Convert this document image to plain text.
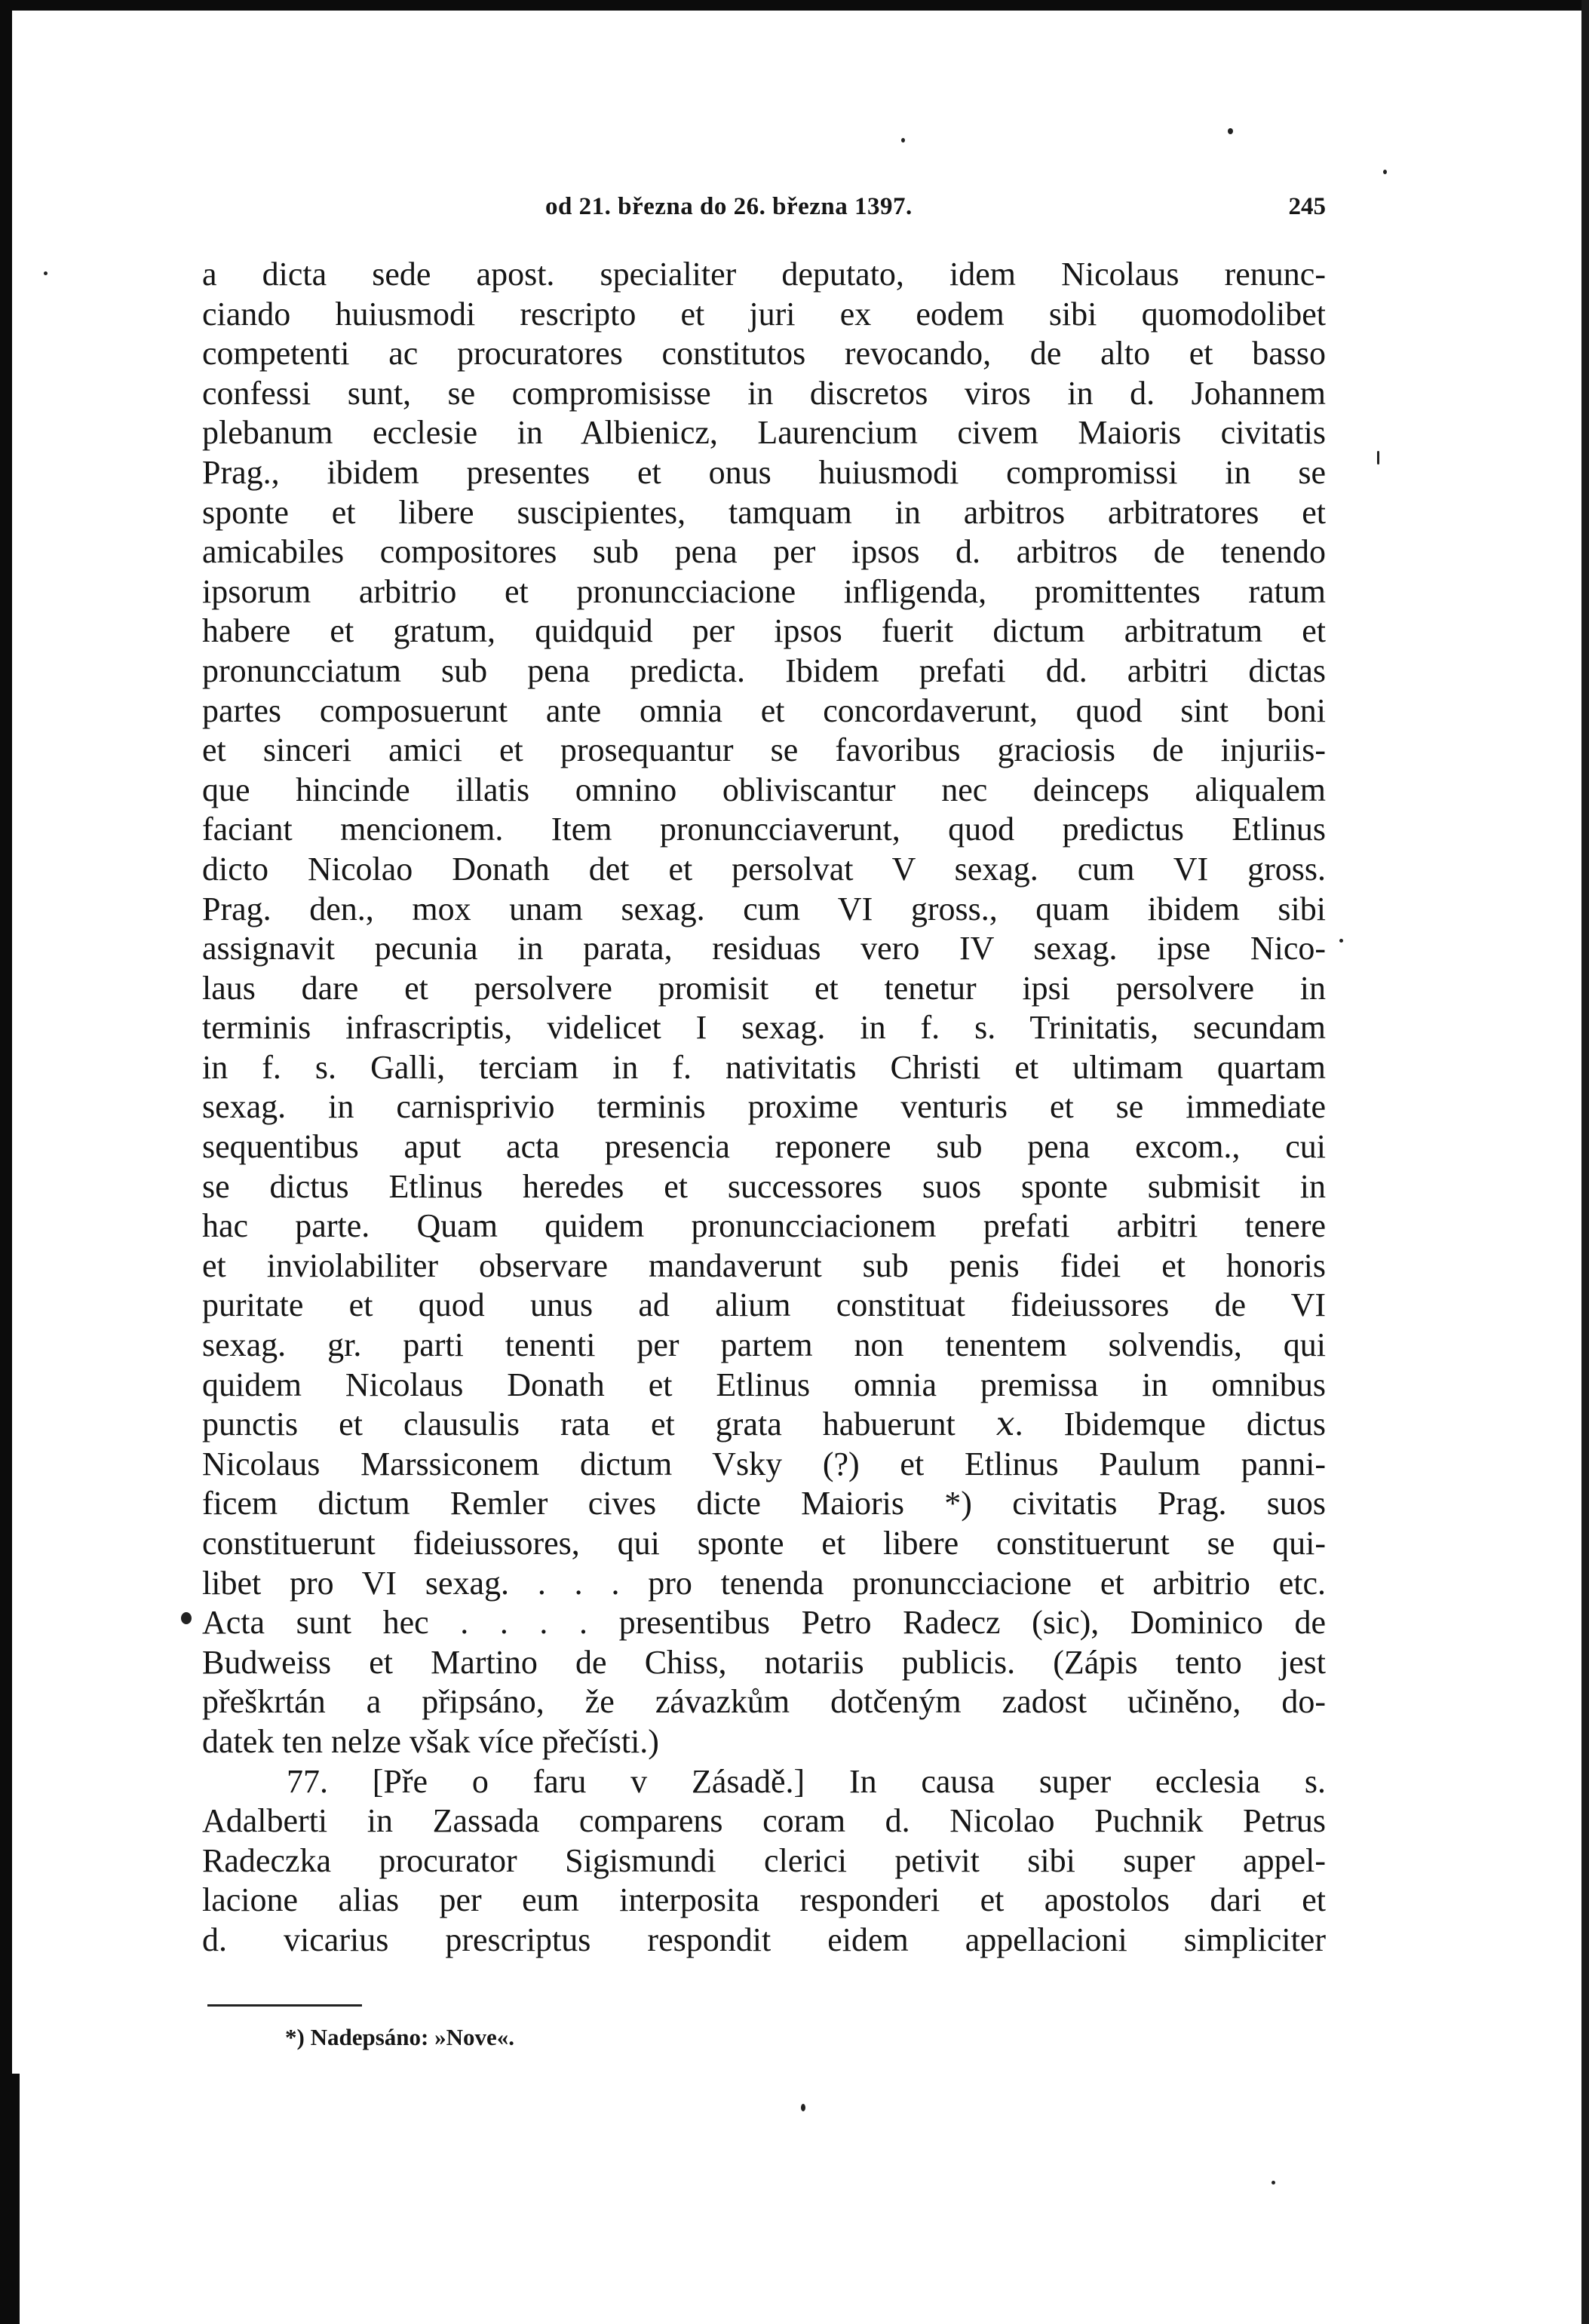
od 21. března do 26. března 1397.	245
a dicta sede apost. specialiter deputato, idem Nicolaus renunc-
ciando huiusmodi rescripto et juri ex eodem sibi quomodolibet
competenti ac procuratores constitutos revocando, de alto et basso
confessi sunt, se compromisisse in discretos viros in d. Johannem
plebanum ecclesie in Albienicz, Laurencium civem Maioris civitatis
Prag., ibidem presentes et onus huiusmodi compromissi in se
sponte et libere suscipientes, tamquam in arbitros arbitratores et
amicabiles compositores sub pena per ipsos d. arbitros de tenendo
ipsorum arbitrio et pronuncciacione infligenda, promittentes ratum
habere et gratum, quidquid per ipsos fuerit dictum arbitratum et
pronuncciatum sub pena predicta. Ibidem prefati dd. arbitri dictas
partes composuerunt ante omnia et concordaverunt, quod sint boni
et sinceri amici et prosequantur se favoribus graciosis de injuriis-
que hincinde illatis omnino obliviscantur nec deinceps aliqualem
faciant mencionem. Item pronuncciaverunt, quod predictus Etlinus
dicto Nicolao Donath det et persolvat V sexag. cum VI gross.
Prag. den., mox unam sexag. cum VI gross., quam ibidem sibi
assignavit pecunia in parata, residuas vero IV sexag. ipse Nico-
laus dare et persolvere promisit et tenetur ipsi persolvere in
terminis infrascriptis, videlicet I sexag. in f. s. Trinitatis, secundam
in f. s. Galli, terciam in f. nativitatis Christi et ultimam quartam
sexag. in carnisprivio terminis proxime venturis et se immediate
sequentibus aput acta presencia reponere sub pena excom., cui
se dictus Etlinus heredes et successores suos sponte submisit in
hac parte. Quam quidem pronuncciacionem prefati arbitri tenere
et inviolabiliter observare mandaverunt sub penis fidei et honoris
puritate et quod unus ad alium constituat fideiussores de VI
sexag. gr. parti tenenti per partem non tenentem solvendis, qui
quidem Nicolaus Donath et Etlinus omnia premissa in omnibus
punctis et clausulis rata et grata habuerunt 𝑥. Ibidemque dictus
Nicolaus Marssiconem dictum Vsky (?) et Etlinus Paulum panni-
ficem dictum Remler cives dicte Maioris *) civitatis Prag. suos
constituerunt fideiussores, qui sponte et libere constituerunt se qui-
libet pro VI sexag. . . . pro tenenda pronuncciacione et arbitrio etc.
Acta sunt hec . . . . presentibus Petro Radecz (sic), Dominico de
Budweiss et Martino de Chiss, notariis publicis. (Zápis tento jest
přeškrtán a připsáno, že závazkům dotčeným zadost učiněno, do-
datek ten nelze však více přečísti.)
77. [Pře o faru v Zásadě.] In causa super ecclesia s.
Adalberti in Zassada comparens coram d. Nicolao Puchnik Petrus
Radeczka procurator Sigismundi clerici petivit sibi super appel-
lacione alias per eum interposita responderi et apostolos dari et
d. vicarius prescriptus respondit eidem appellacioni simpliciter
*) Nadepsáno: »Nove«.
